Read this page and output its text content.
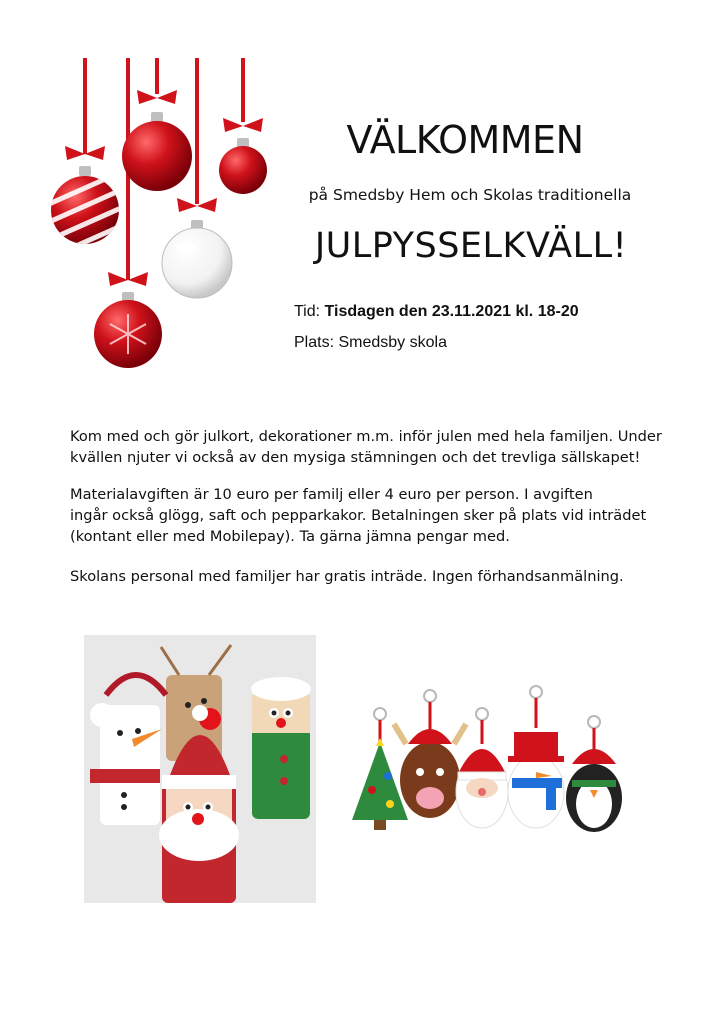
VÄLKOMMEN

på Smedsby Hem och Skolas traditionella

JULPYSSELKVÄLL!
Tid: Tisdagen den 23.11.2021 kl. 18-20
Plats: Smedsby skola

Kom med och gör julkort, dekorationer m.m. inför julen med hela familjen. Under
kvällen njuter vi också av den mysiga stämningen och det trevliga sällskapet!

Materialavgiften är 10 euro per familj eller 4 euro per person. I avgiften
ingår också glögg, saft och pepparkakor. Betalningen sker på plats vid inträdet
(kontant eller med Mobilepay). Ta gärna jämna pengar med.

Skolans personal med familjer har gratis inträde. Ingen förhandsanmälning.
